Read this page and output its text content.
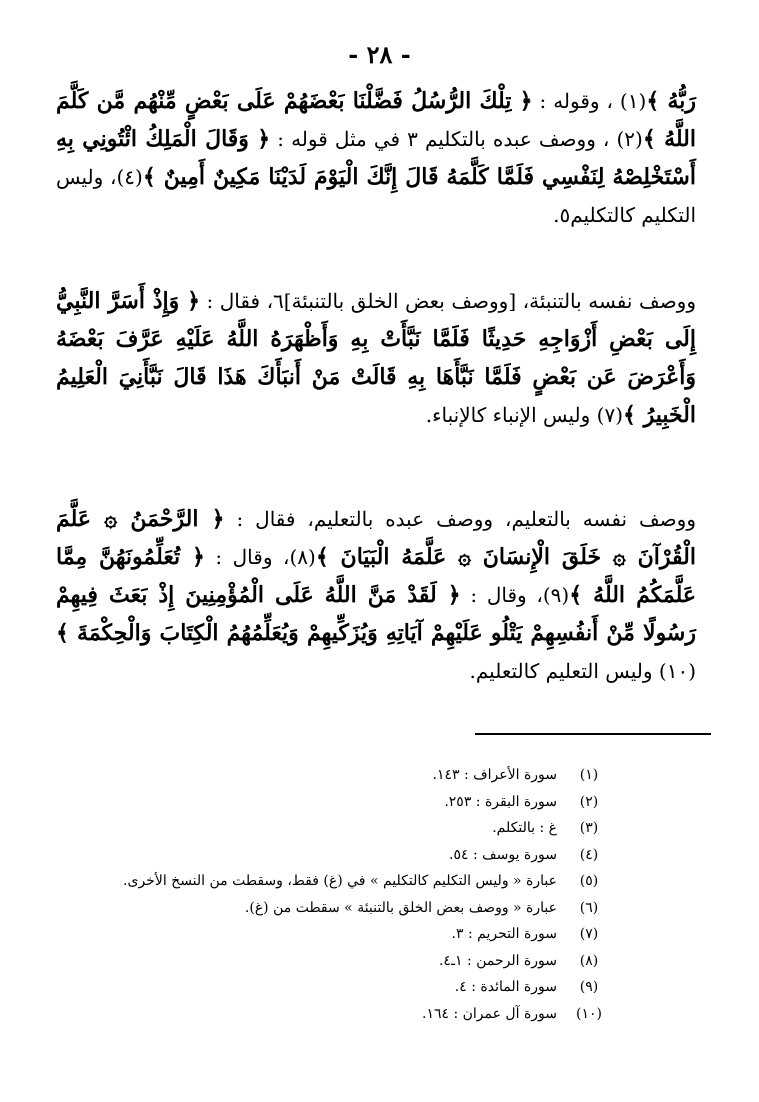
- ٢٨ -

رَبُّهُ ﴾(١) ، وقوله : ﴿ تِلْكَ الرُّسُلُ فَضَّلْنَا بَعْضَهُمْ عَلَى بَعْضٍ مِّنْهُم مَّن كَلَّمَ اللَّهُ ﴾(٢) ، ووصف عبده بالتكليم ٣ في مثل قوله : ﴿ وَقَالَ الْمَلِكُ ائْتُونِي بِهِ أَسْتَخْلِصْهُ لِنَفْسِي فَلَمَّا كَلَّمَهُ قَالَ إِنَّكَ الْيَوْمَ لَدَيْنَا مَكِينٌ أَمِينٌ ﴾(٤)، وليس التكليم كالتكليم٥.

ووصف نفسه بالتنبئة، [ووصف بعض الخلق بالتنبئة]٦، فقال : ﴿ وَإِذْ أَسَرَّ النَّبِيُّ إِلَى بَعْضِ أَزْوَاجِهِ حَدِيثًا فَلَمَّا نَبَّأَتْ بِهِ وَأَظْهَرَهُ اللَّهُ عَلَيْهِ عَرَّفَ بَعْضَهُ وَأَعْرَضَ عَن بَعْضٍ فَلَمَّا نَبَّأَهَا بِهِ قَالَتْ مَنْ أَنبَأَكَ هَذَا قَالَ نَبَّأَنِيَ الْعَلِيمُ الْخَبِيرُ ﴾(٧) وليس الإنباء كالإنباء.

ووصف نفسه بالتعليم، ووصف عبده بالتعليم، فقال : ﴿ الرَّحْمَنُ ۞ عَلَّمَ الْقُرْآنَ ۞ خَلَقَ الْإِنسَانَ ۞ عَلَّمَهُ الْبَيَانَ ﴾(٨)، وقال : ﴿ تُعَلِّمُونَهُنَّ مِمَّا عَلَّمَكُمُ اللَّهُ ﴾(٩)، وقال : ﴿ لَقَدْ مَنَّ اللَّهُ عَلَى الْمُؤْمِنِينَ إِذْ بَعَثَ فِيهِمْ رَسُولًا مِّنْ أَنفُسِهِمْ يَتْلُو عَلَيْهِمْ آيَاتِهِ وَيُزَكِّيهِمْ وَيُعَلِّمُهُمُ الْكِتَابَ وَالْحِكْمَةَ ﴾(١٠) وليس التعليم كالتعليم.

(١)
سورة الأعراف : ١٤٣.
(٢)
سورة البقرة : ٢٥٣.
(٣)
غ : بالتكلم.
(٤)
سورة يوسف : ٥٤.
(٥)
عبارة « وليس التكليم كالتكليم » في (غ) فقط، وسقطت من النسخ الأخرى.
(٦)
عبارة « ووصف بعض الخلق بالتنبئة » سقطت من (غ).
(٧)
سورة التحريم : ٣.
(٨)
سورة الرحمن : ١ـ٤.
(٩)
سورة المائدة : ٤.
(١٠)
سورة آل عمران : ١٦٤.
